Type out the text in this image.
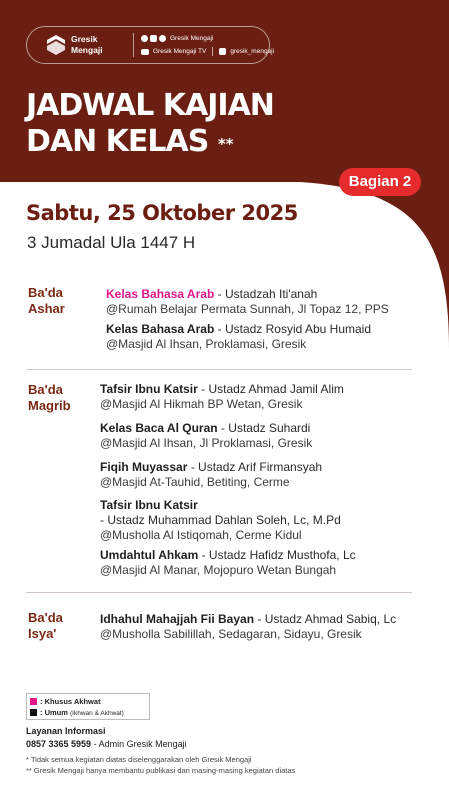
Gresik
Mengaji
Gresik Mengaji
Gresik Mengaji TV	gresik_mengaji
JADWAL KAJIAN
DAN KELAS **
Bagian 2
Sabtu, 25 Oktober 2025
3 Jumadal Ula 1447 H
Ba'da
Ashar
Kelas Bahasa Arab - Ustadzah Iti'anah
@Rumah Belajar Permata Sunnah, Jl Topaz 12, PPS
Kelas Bahasa Arab - Ustadz Rosyid Abu Humaid
@Masjid Al Ihsan, Proklamasi, Gresik
Ba'da
Magrib
Tafsir Ibnu Katsir - Ustadz Ahmad Jamil Alim
@Masjid Al Hikmah BP Wetan, Gresik
Kelas Baca Al Quran - Ustadz Suhardi
@Masjid Al Ihsan, Jl Proklamasi, Gresik
Fiqih Muyassar - Ustadz Arif Firmansyah
@Masjid At-Tauhid, Betiting, Cerme
Tafsir Ibnu Katsir
- Ustadz Muhammad Dahlan Soleh, Lc, M.Pd
@Musholla Al Istiqomah, Cerme Kidul
Umdahtul Ahkam - Ustadz Hafidz Musthofa, Lc
@Masjid Al Manar, Mojopuro Wetan Bungah
Ba'da
Isya'
Idhahul Mahajjah Fii Bayan - Ustadz Ahmad Sabiq, Lc
@Musholla Sabilillah, Sedagaran, Sidayu, Gresik
: Khusus Akhwat
: Umum (Ikhwan & Akhwat)
Layanan Informasi
0857 3365 5959 - Admin Gresik Mengaji
* Tidak semua kegiatan diatas diselenggarakan oleh Gresik Mengaji
** Gresik Mengaji hanya membantu publikasi dari masing-masing kegiatan diatas
